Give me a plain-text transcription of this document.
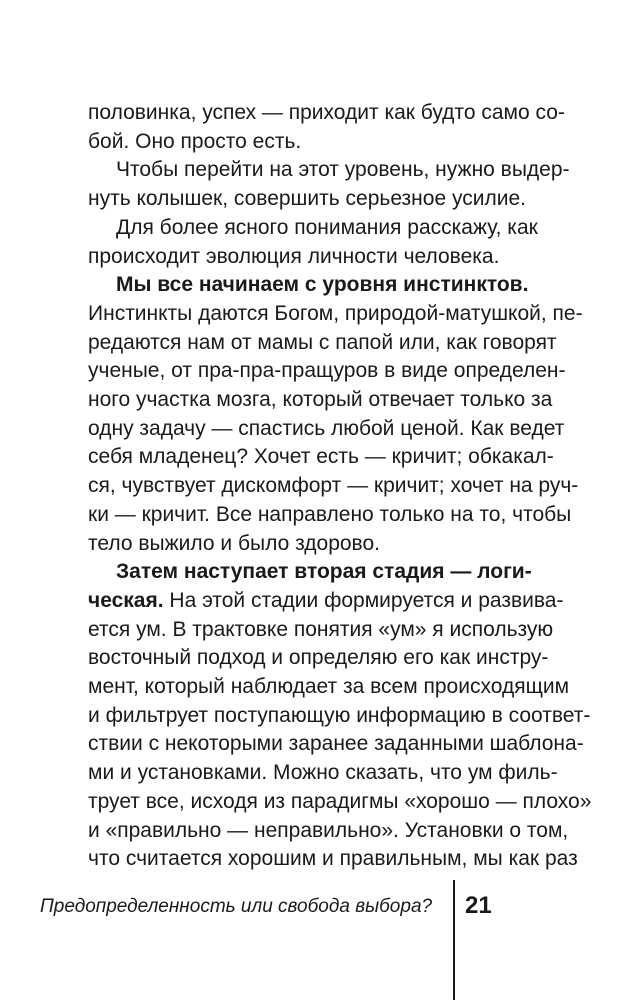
половинка, успех — приходит как будто само со-
бой. Оно просто есть.
Чтобы перейти на этот уровень, нужно выдер-
нуть колышек, совершить серьезное усилие.
Для более ясного понимания расскажу, как
происходит эволюция личности человека.
Мы все начинаем с уровня инстинктов.
Инстинкты даются Богом, природой-матушкой, пе-
редаются нам от мамы с папой или, как говорят
ученые, от пра-пра-пращуров в виде определен-
ного участка мозга, который отвечает только за
одну задачу — спастись любой ценой. Как ведет
себя младенец? Хочет есть — кричит; обкакал-
ся, чувствует дискомфорт — кричит; хочет на руч-
ки — кричит. Все направлено только на то, чтобы
тело выжило и было здорово.
Затем наступает вторая стадия — логи-
ческая. На этой стадии формируется и развива-
ется ум. В трактовке понятия «ум» я использую
восточный подход и определяю его как инстру-
мент, который наблюдает за всем происходящим
и фильтрует поступающую информацию в соответ-
ствии с некоторыми заранее заданными шаблона-
ми и установками. Можно сказать, что ум филь-
трует все, исходя из парадигмы «хорошо — плохо»
и «правильно — неправильно». Установки о том,
что считается хорошим и правильным, мы как раз
Предопределенность или свобода выбора? 21
